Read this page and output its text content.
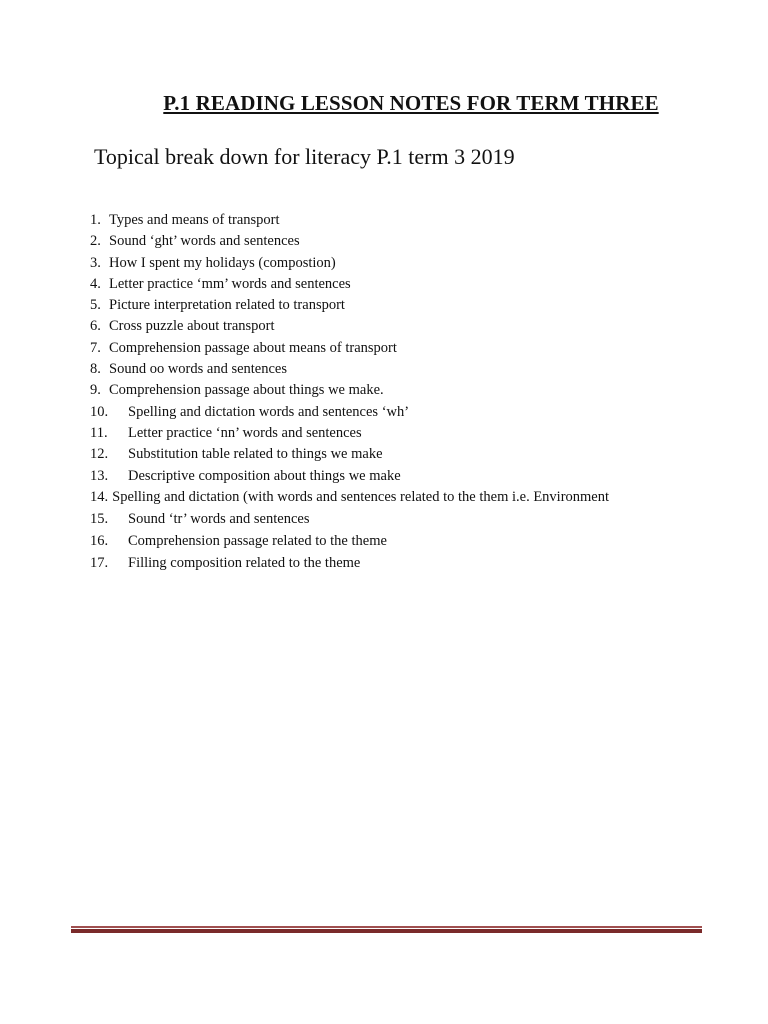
P.1 READING LESSON NOTES FOR TERM THREE
Topical break down for literacy P.1 term 3 2019
1. Types and means of transport
2. Sound ‘ght’ words and sentences
3. How I spent my holidays (compostion)
4. Letter practice ‘mm’ words and sentences
5. Picture interpretation related to transport
6. Cross puzzle about transport
7. Comprehension passage about means of transport
8. Sound oo words and sentences
9. Comprehension passage about things we make.
10. Spelling and dictation words and sentences ‘wh’
11. Letter practice ‘nn’ words and sentences
12. Substitution table related to things we make
13. Descriptive composition about things we make
14. Spelling and dictation (with words and sentences related to the them i.e. Environment
15. Sound ‘tr’ words and sentences
16. Comprehension passage related to the theme
17. Filling composition related to the theme
